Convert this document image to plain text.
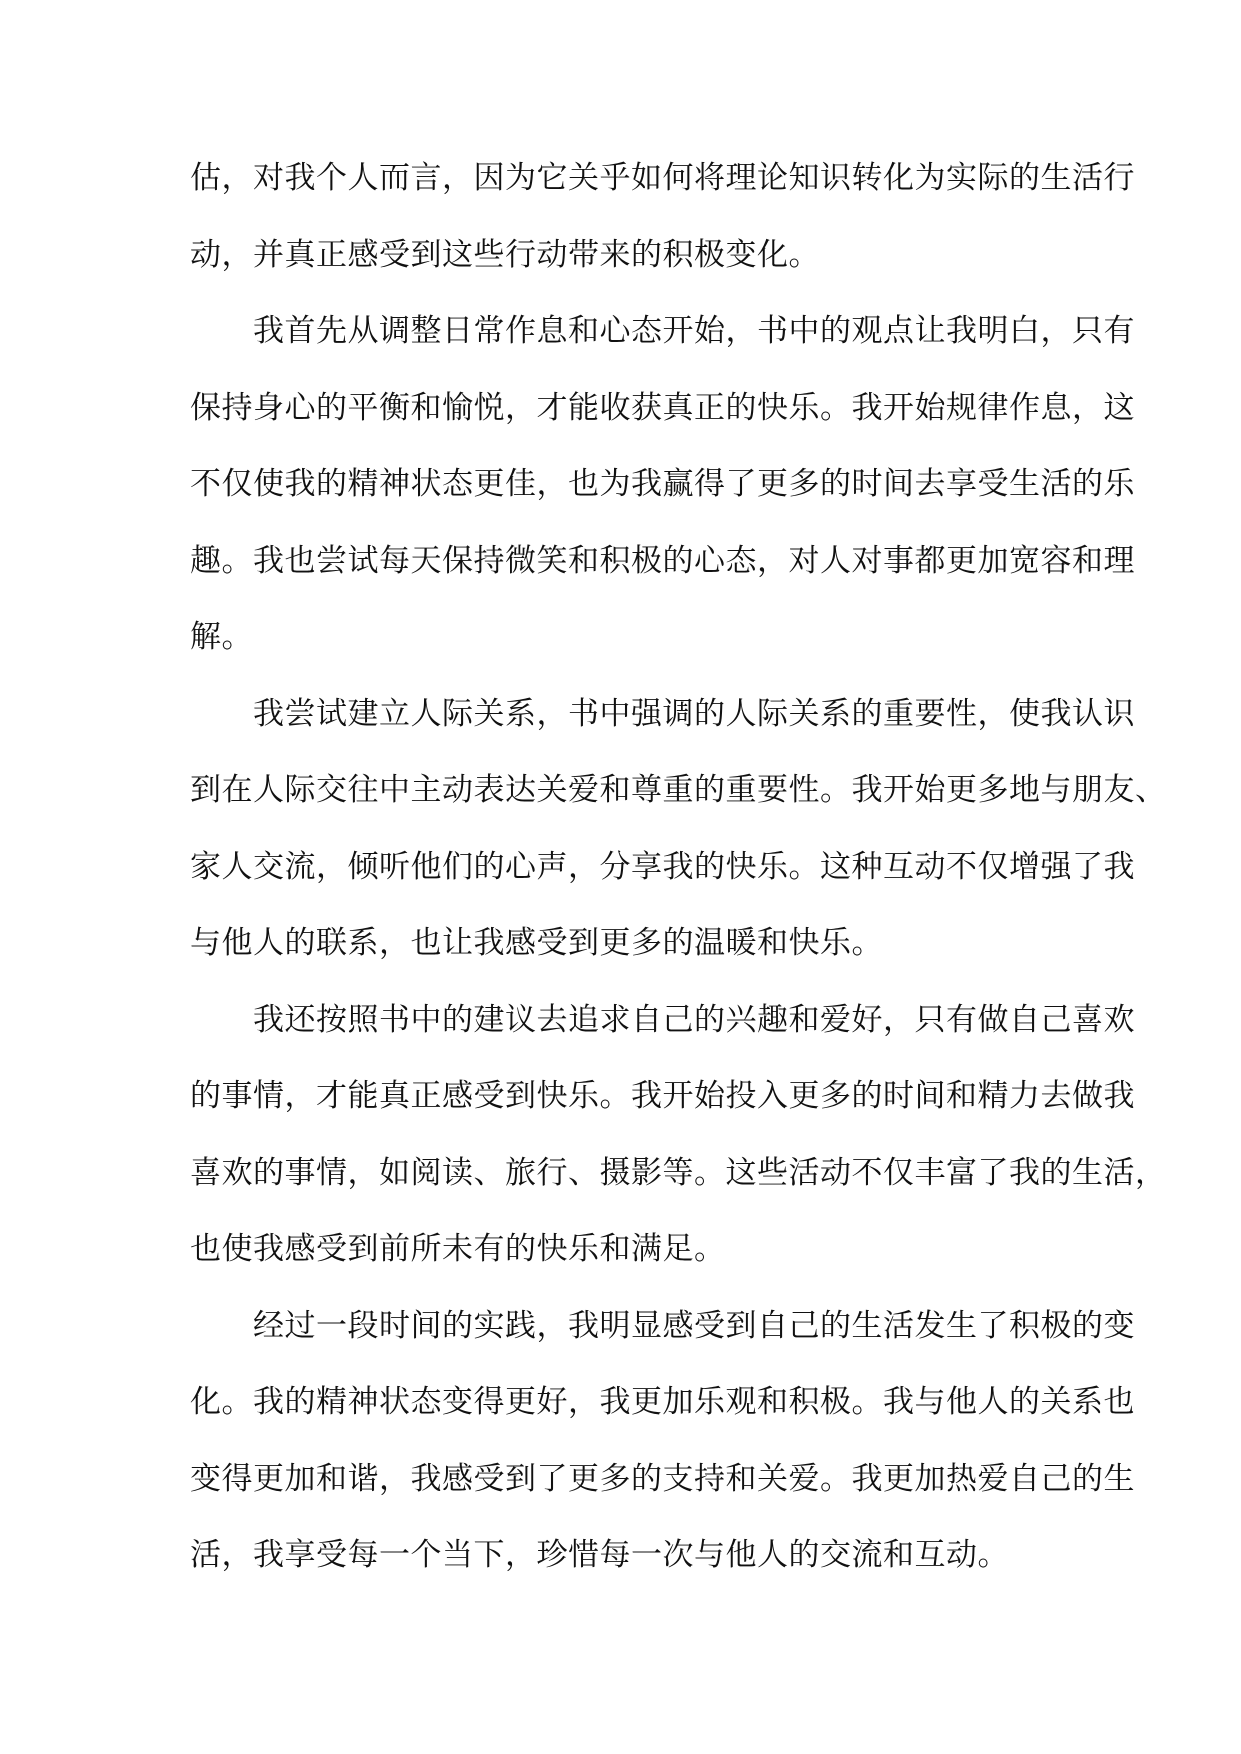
估，对我个人而言，因为它关乎如何将理论知识转化为实际的生活行
动，并真正感受到这些行动带来的积极变化。

　　我首先从调整日常作息和心态开始，书中的观点让我明白，只有
保持身心的平衡和愉悦，才能收获真正的快乐。我开始规律作息，这
不仅使我的精神状态更佳，也为我赢得了更多的时间去享受生活的乐
趣。我也尝试每天保持微笑和积极的心态，对人对事都更加宽容和理
解。

　　我尝试建立人际关系，书中强调的人际关系的重要性，使我认识
到在人际交往中主动表达关爱和尊重的重要性。我开始更多地与朋友、
家人交流，倾听他们的心声，分享我的快乐。这种互动不仅增强了我
与他人的联系，也让我感受到更多的温暖和快乐。

　　我还按照书中的建议去追求自己的兴趣和爱好，只有做自己喜欢
的事情，才能真正感受到快乐。我开始投入更多的时间和精力去做我
喜欢的事情，如阅读、旅行、摄影等。这些活动不仅丰富了我的生活，
也使我感受到前所未有的快乐和满足。

　　经过一段时间的实践，我明显感受到自己的生活发生了积极的变
化。我的精神状态变得更好，我更加乐观和积极。我与他人的关系也
变得更加和谐，我感受到了更多的支持和关爱。我更加热爱自己的生
活，我享受每一个当下，珍惜每一次与他人的交流和互动。
